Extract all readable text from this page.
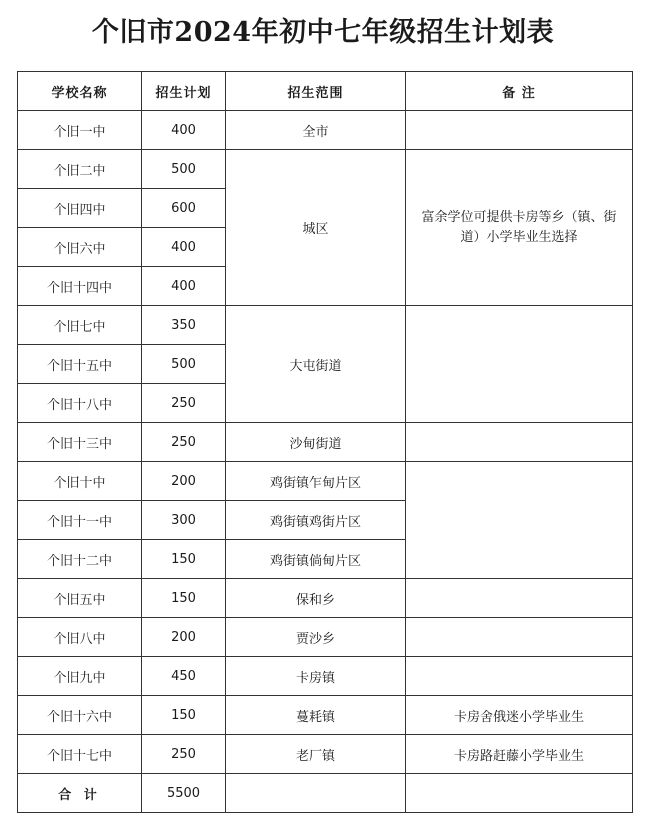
个旧市2024年初中七年级招生计划表
学校名称	招生计划	招生范围	备 注
个旧一中	400	全市	
个旧二中	500	城区	富余学位可提供卡房等乡（镇、街道）小学毕业生选择
个旧四中	600		
个旧六中	400		
个旧十四中	400		
个旧七中	350	大屯街道	
个旧十五中	500		
个旧十八中	250		
个旧十三中	250	沙甸街道	
个旧十中	200	鸡街镇乍甸片区	
个旧十一中	300	鸡街镇鸡街片区	
个旧十二中	150	鸡街镇倘甸片区	
个旧五中	150	保和乡	
个旧八中	200	贾沙乡	
个旧九中	450	卡房镇	
个旧十六中	150	蔓耗镇	卡房舍俄迷小学毕业生
个旧十七中	250	老厂镇	卡房路赶藤小学毕业生
合 计	5500		
